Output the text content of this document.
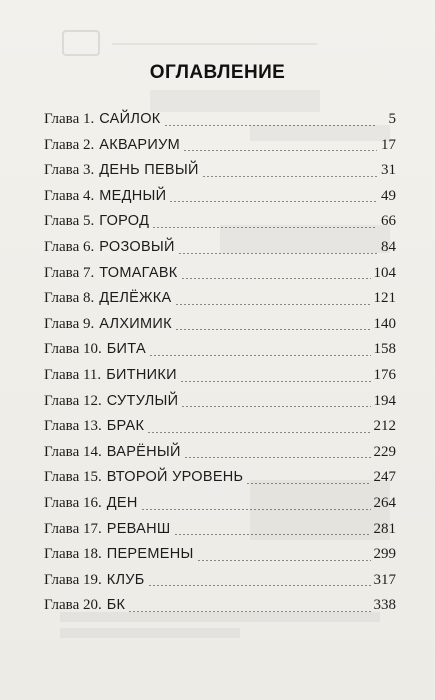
ОГЛАВЛЕНИЕ
Глава 1. САЙЛОК	5
Глава 2. АКВАРИУМ	17
Глава 3. ДЕНЬ ПЕВЫЙ	31
Глава 4. МЕДНЫЙ	49
Глава 5. ГОРОД	66
Глава 6. РОЗОВЫЙ	84
Глава 7. ТОМАГАВК	104
Глава 8. ДЕЛЁЖКА	121
Глава 9. АЛХИМИК	140
Глава 10. БИТА	158
Глава 11. БИТНИКИ	176
Глава 12. СУТУЛЫЙ	194
Глава 13. БРАК	212
Глава 14. ВАРЁНЫЙ	229
Глава 15. ВТОРОЙ УРОВЕНЬ	247
Глава 16. ДЕН	264
Глава 17. РЕВАНШ	281
Глава 18. ПЕРЕМЕНЫ	299
Глава 19. КЛУБ	317
Глава 20. БК	338
